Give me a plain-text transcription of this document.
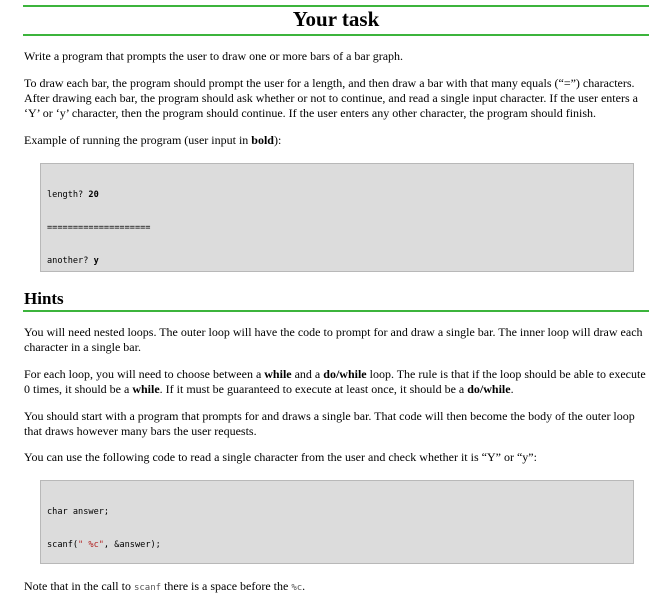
Your task

Write a program that prompts the user to draw one or more bars of a bar graph.

To draw each bar, the program should prompt the user for a length, and then draw a bar with that many equals (“=”) characters. After drawing each bar, the program should ask whether or not to continue, and read a single input character. If the user enters a ‘Y’ or ‘y’ character, then the program should continue. If the user enters any other character, the program should finish.

Example of running the program (user input in bold):

length? 20

====================

another? y

Hints

You will need nested loops. The outer loop will have the code to prompt for and draw a single bar. The inner loop will draw each character in a single bar.

For each loop, you will need to choose between a while and a do/while loop. The rule is that if the loop should be able to execute 0 times, it should be a while. If it must be guaranteed to execute at least once, it should be a do/while.

You should start with a program that prompts for and draws a single bar. That code will then become the body of the outer loop that draws however many bars the user requests.

You can use the following code to read a single character from the user and check whether it is “Y” or “y”:

char answer;

scanf(" %c", &answer);

Note that in the call to scanf there is a space before the %c.
